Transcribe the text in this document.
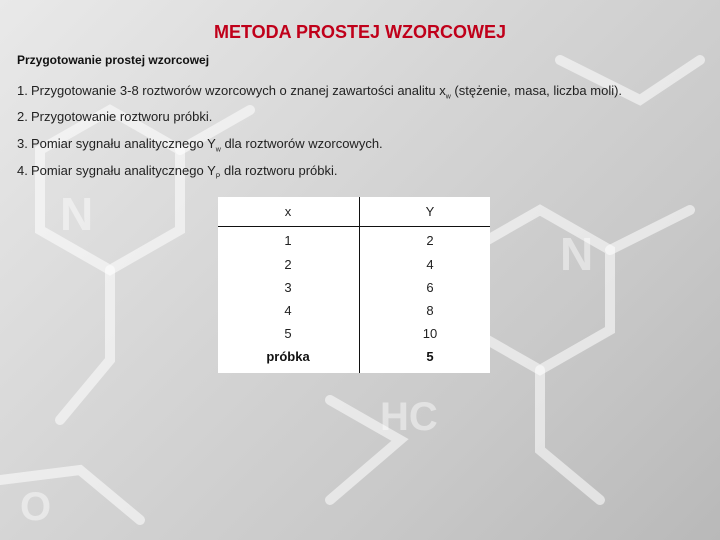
N
N
HC
O
METODA PROSTEJ WZORCOWEJ
Przygotowanie prostej wzorcowej
1. Przygotowanie 3-8 roztworów wzorcowych o znanej zawartości analitu $x_w$ (stężenie, masa, liczba moli).
2. Przygotowanie roztworu próbki.
3. Pomiar sygnału analitycznego $Y_w$ dla roztworów wzorcowych.
4. Pomiar sygnału analitycznego $Y_P$ dla roztworu próbki.
x	Y
1	2
2	4
3	6
4	8
5	10
próbka	5
